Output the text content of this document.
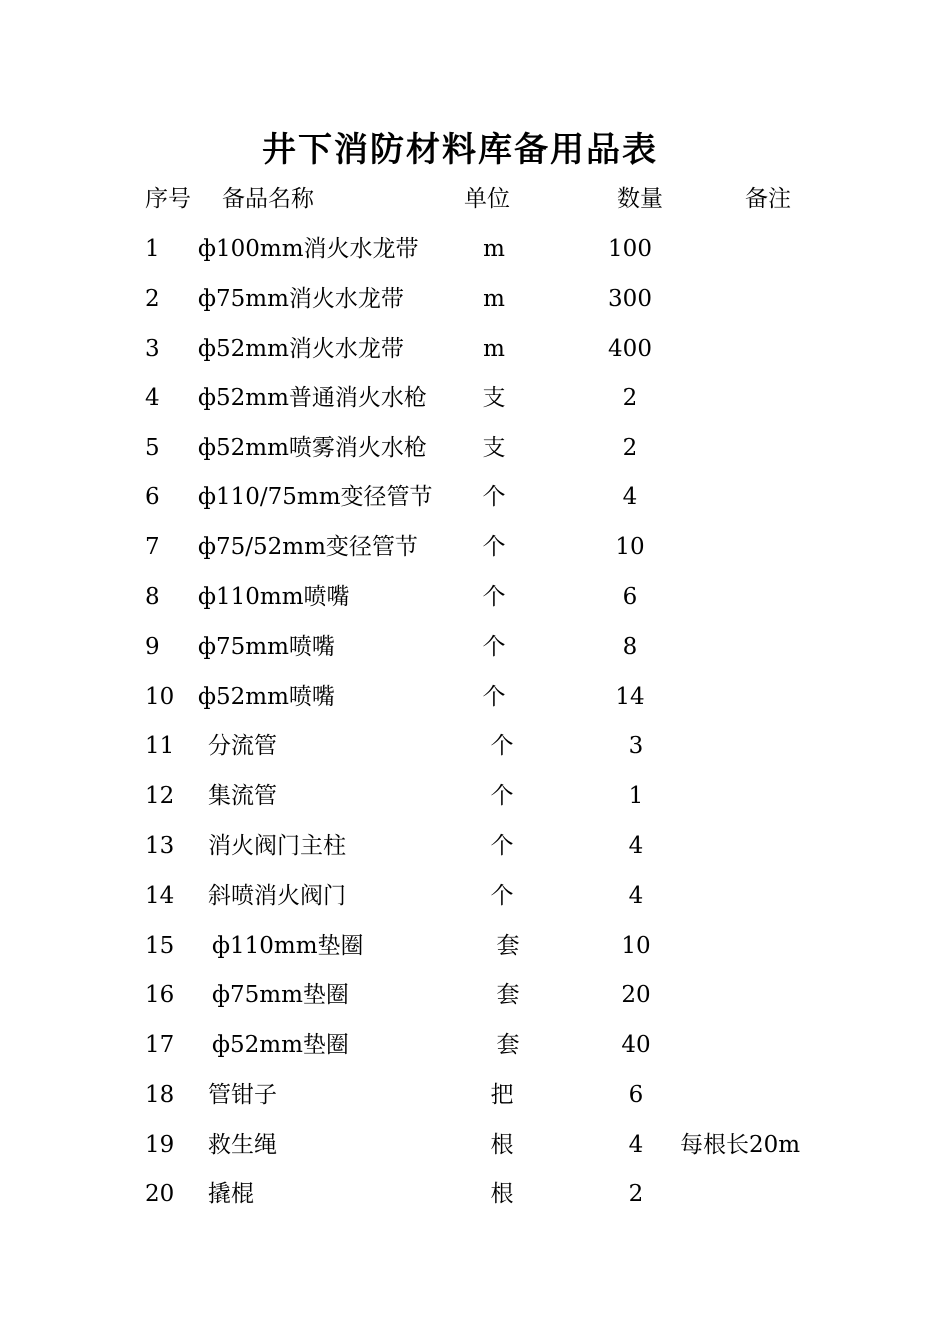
井下消防材料库备用品表
序号 备品名称	单位	数量	备注
1 ф100mm消火水龙带	m	100
2 ф75mm消火水龙带	m	300
3 ф52mm消火水龙带	m	400
4 ф52mm普通消火水枪	支	2
5 ф52mm喷雾消火水枪	支	2
6 ф110/75mm变径管节	个	4
7 ф75/52mm变径管节	个	10
8 ф110mm喷嘴	个	6
9 ф75mm喷嘴	个	8
10 ф52mm喷嘴	个	14
11 分流管	个	3
12 集流管	个	1
13 消火阀门主柱	个	4
14 斜喷消火阀门	个	4
15 ф110mm垫圈	套	10
16 ф75mm垫圈	套	20
17 ф52mm垫圈	套	40
18 管钳子	把	6
19 救生绳	根	4	每根长20m
20 撬棍	根	2
